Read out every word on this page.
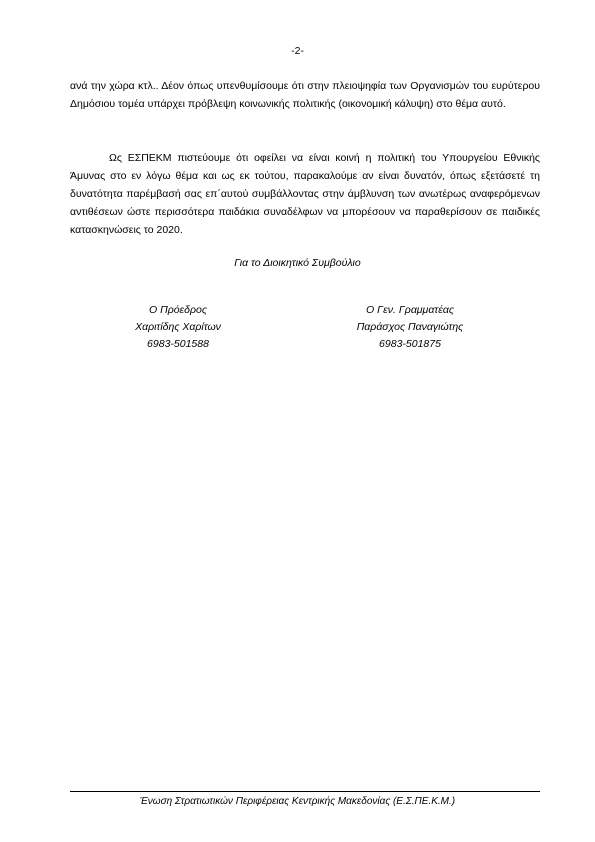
-2-

ανά την χώρα κτλ.. Δέον όπως υπενθυμίσουμε ότι στην πλειοψηφία των Οργανισμών του ευρύτερου Δημόσιου τομέα υπάρχει πρόβλεψη κοινωνικής πολιτικής (οικονομική κάλυψη) στο θέμα αυτό.

Ως ΕΣΠΕΚΜ πιστεύουμε ότι οφείλει να είναι κοινή η πολιτική του Υπουργείου Εθνικής Άμυνας στο εν λόγω θέμα και ως εκ τούτου, παρακαλούμε αν είναι δυνατόν, όπως εξετάσετέ τη δυνατότητα παρέμβασή σας επ΄αυτού συμβάλλοντας στην άμβλυνση των ανωτέρως αναφερόμενων αντιθέσεων ώστε περισσότερα παιδάκια συναδέλφων να μπορέσουν να παραθερίσουν σε παιδικές κατασκηνώσεις το 2020.

Για το Διοικητικό Συμβούλιο
Ο Πρόεδρος
Χαριτίδης Χαρίτων
6983-501588
Ο Γεν. Γραμματέας
Παράσχος Παναγιώτης
6983-501875
Ένωση Στρατιωτικών Περιφέρειας Κεντρικής Μακεδονίας (Ε.Σ.ΠΕ.Κ.Μ.)
